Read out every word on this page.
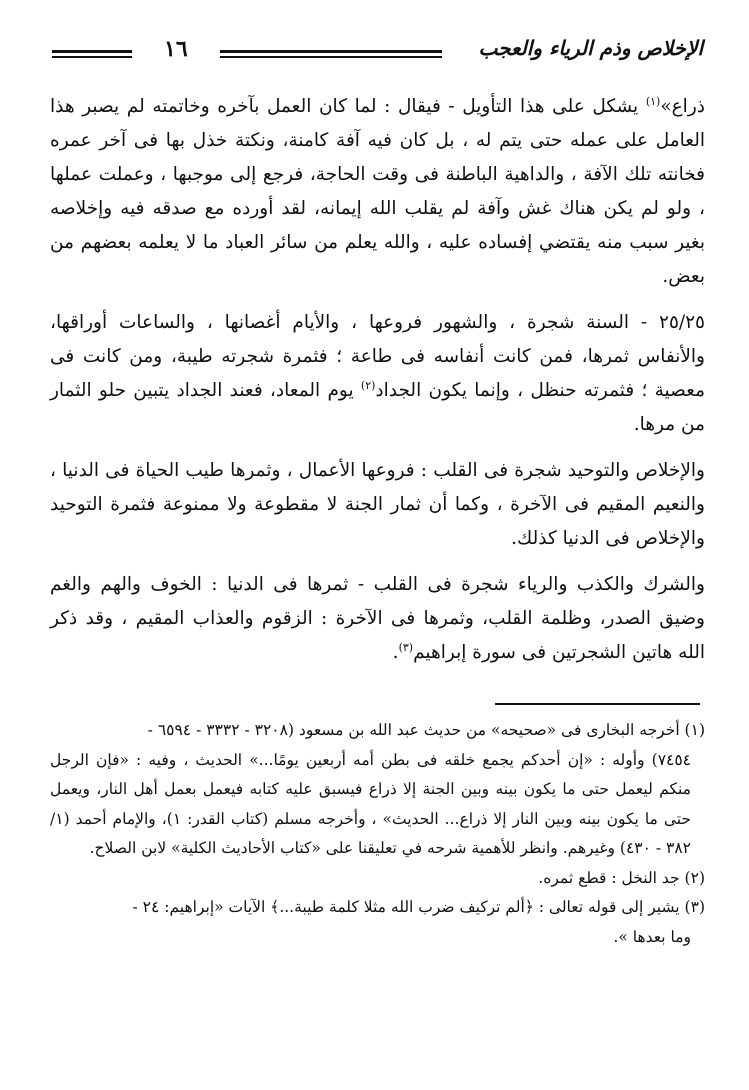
١٦	الإخلاص وذم الرياء والعجب

ذراع»$^{(١)}$ يشكل على هذا التأويل - فيقال : لما كان العمل بآخره وخاتمته لم يصبر هذا العامل على عمله حتى يتم له ، بل كان فيه آفة كامنة، ونكتة خذل بها فى آخر عمره فخانته تلك الآفة ، والداهية الباطنة فى وقت الحاجة، فرجع إلى موجبها ، وعملت عملها ، ولو لم يكن هناك غش وآفة لم يقلب الله إيمانه، لقد أورده مع صدقه فيه وإخلاصه بغير سبب منه يقتضي إفساده عليه ، والله يعلم من سائر العباد ما لا يعلمه بعضهم من بعض.

٢٥/٢٥ - السنة شجرة ، والشهور فروعها ، والأيام أغصانها ، والساعات أوراقها، والأنفاس ثمرها، فمن كانت أنفاسه فى طاعة ؛ فثمرة شجرته طيبة، ومن كانت فى معصية ؛ فثمرته حنظل ، وإنما يكون الجداد$^{(٢)}$ يوم المعاد، فعند الجداد يتبين حلو الثمار من مرها.

والإخلاص والتوحيد شجرة فى القلب : فروعها الأعمال ، وثمرها طيب الحياة فى الدنيا ، والنعيم المقيم فى الآخرة ، وكما أن ثمار الجنة لا مقطوعة ولا ممنوعة فثمرة التوحيد والإخلاص فى الدنيا كذلك.

والشرك والكذب والرياء شجرة فى القلب - ثمرها فى الدنيا : الخوف والهم والغم وضيق الصدر، وظلمة القلب، وثمرها فى الآخرة : الزقوم والعذاب المقيم ، وقد ذكر الله هاتين الشجرتين فى سورة إبراهيم$^{(٣)}$.

(١) أخرجه البخارى فى «صحيحه» من حديث عبد الله بن مسعود (٣٢٠٨ - ٣٣٣٢ - ٦٥٩٤ -

٧٤٥٤) وأوله : «إن أحدكم يجمع خلقه فى بطن أمه أربعين يومًا...» الحديث ، وفيه : «فإن الرجل منكم ليعمل حتى ما يكون بينه وبين الجنة إلا ذراع فيسبق عليه كتابه فيعمل بعمل أهل النار، ويعمل حتى ما يكون بينه وبين النار إلا ذراع... الحديث» ، وأخرجه مسلم (كتاب القدر: ١)، والإمام أحمد (١/ ٣٨٢ - ٤٣٠) وغيرهم. وانظر للأهمية شرحه في تعليقنا على «كتاب الأحاديث الكلية» لابن الصلاح.

(٢) جد النخل : قطع ثمره.

(٣) يشير إلى قوله تعالى : ﴿ألم تركيف ضرب الله مثلا كلمة طيبة...﴾ الآيات «إبراهيم: ٢٤ -

وما بعدها ».
